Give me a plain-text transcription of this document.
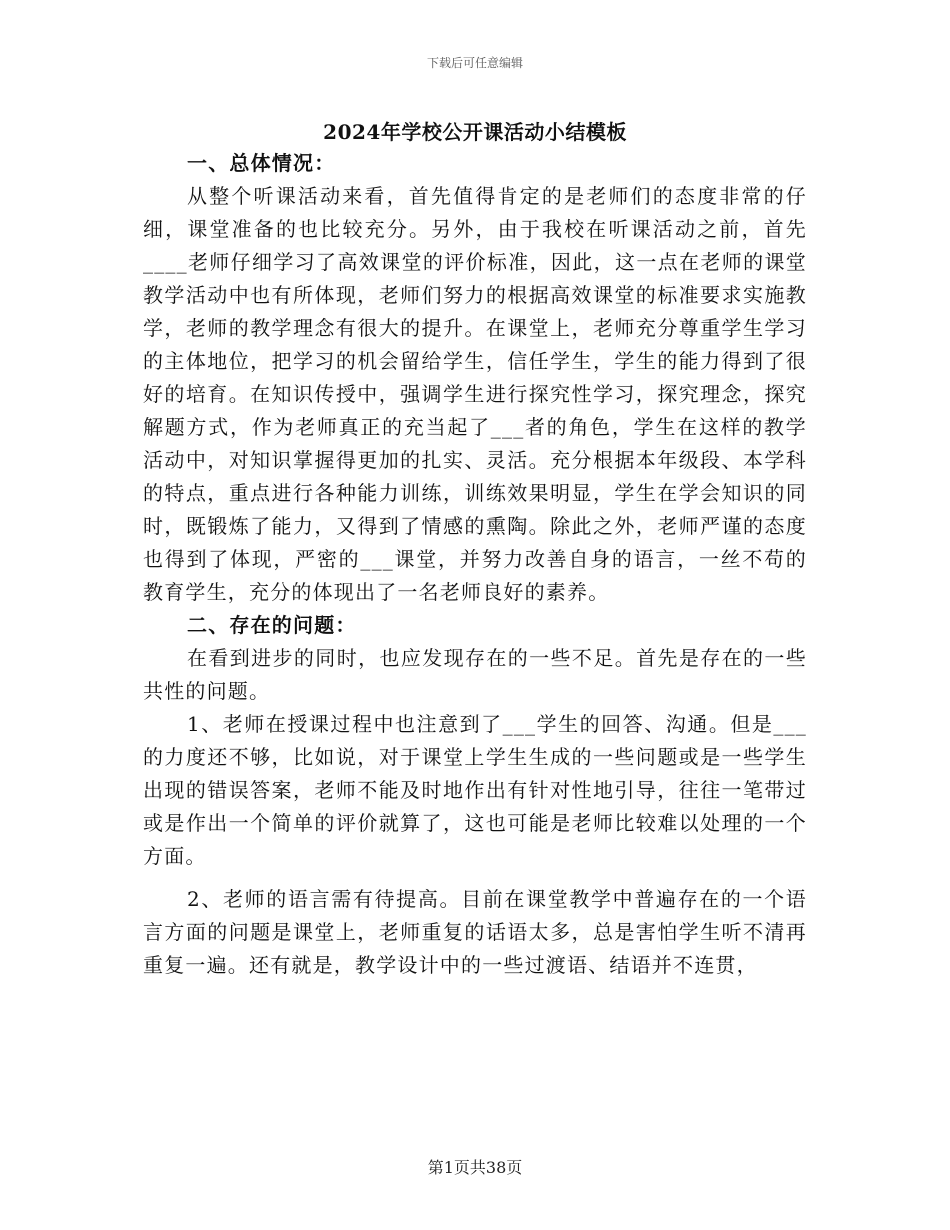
下载后可任意编辑
2024年学校公开课活动小结模板

一、总体情况：

从整个听课活动来看，首先值得肯定的是老师们的态度非常的仔细，课堂准备的也比较充分。另外，由于我校在听课活动之前，首先____老师仔细学习了高效课堂的评价标准，因此，这一点在老师的课堂教学活动中也有所体现，老师们努力的根据高效课堂的标准要求实施教学，老师的教学理念有很大的提升。在课堂上，老师充分尊重学生学习的主体地位，把学习的机会留给学生，信任学生，学生的能力得到了很好的培育。在知识传授中，强调学生进行探究性学习，探究理念，探究解题方式，作为老师真正的充当起了___者的角色，学生在这样的教学活动中，对知识掌握得更加的扎实、灵活。充分根据本年级段、本学科的特点，重点进行各种能力训练，训练效果明显，学生在学会知识的同时，既锻炼了能力，又得到了情感的熏陶。除此之外，老师严谨的态度也得到了体现，严密的___课堂，并努力改善自身的语言，一丝不苟的教育学生，充分的体现出了一名老师良好的素养。

二、存在的问题：

在看到进步的同时，也应发现存在的一些不足。首先是存在的一些共性的问题。

1、老师在授课过程中也注意到了___学生的回答、沟通。但是___的力度还不够，比如说，对于课堂上学生生成的一些问题或是一些学生出现的错误答案，老师不能及时地作出有针对性地引导，往往一笔带过或是作出一个简单的评价就算了，这也可能是老师比较难以处理的一个方面。

2、老师的语言需有待提高。目前在课堂教学中普遍存在的一个语言方面的问题是课堂上，老师重复的话语太多，总是害怕学生听不清再重复一遍。还有就是，教学设计中的一些过渡语、结语并不连贯，

第1页共38页
